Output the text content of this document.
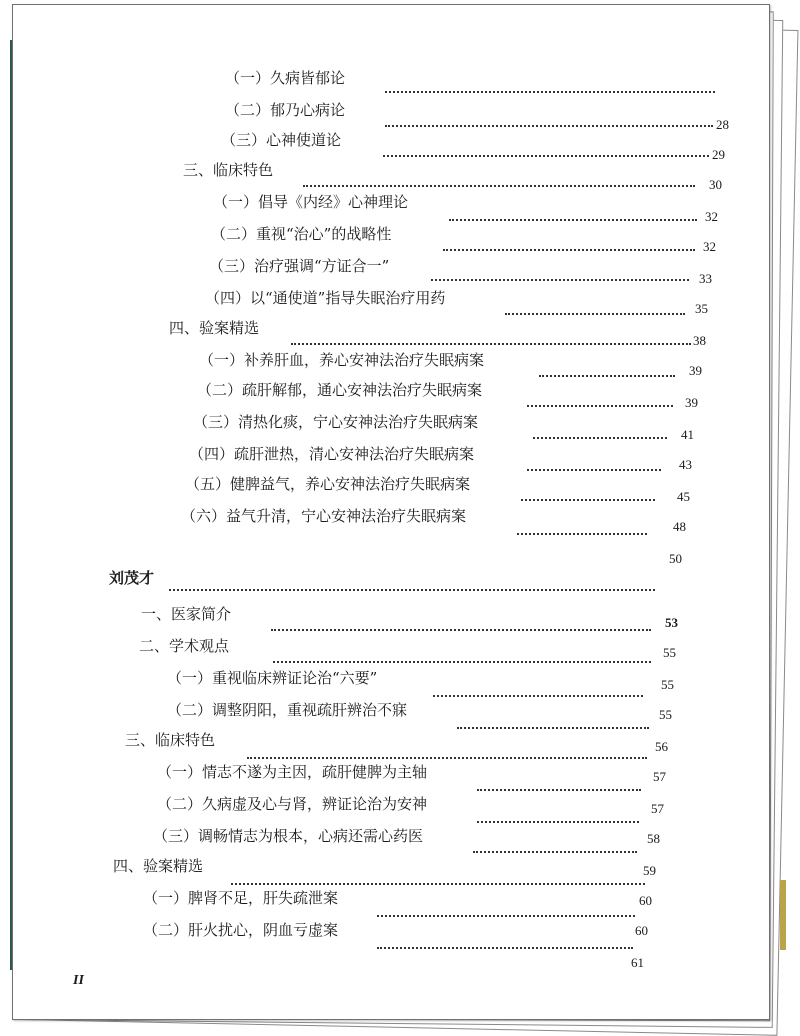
（一）久病皆郁论
28
（二）郁乃心病论
29
（三）心神使道论
30
三、临床特色
32
（一）倡导《内经》心神理论
32
（二）重视“治心”的战略性
33
（三）治疗强调“方证合一”
35
（四）以“通使道”指导失眠治疗用药
38
四、验案精选
39
（一）补养肝血，养心安神法治疗失眠病案
39
（二）疏肝解郁，通心安神法治疗失眠病案
41
（三）清热化痰，宁心安神法治疗失眠病案
43
（四）疏肝泄热，清心安神法治疗失眠病案
45
（五）健脾益气，养心安神法治疗失眠病案
48
（六）益气升清，宁心安神法治疗失眠病案
50
刘茂才
53
一、医家简介
55
二、学术观点
55
（一）重视临床辨证论治“六要”
55
（二）调整阴阳，重视疏肝辨治不寐
56
三、临床特色
57
（一）情志不遂为主因，疏肝健脾为主轴
57
（二）久病虚及心与肾，辨证论治为安神
58
（三）调畅情志为根本，心病还需心药医
59
四、验案精选
60
（一）脾肾不足，肝失疏泄案
60
（二）肝火扰心，阴血亏虚案
61
II
